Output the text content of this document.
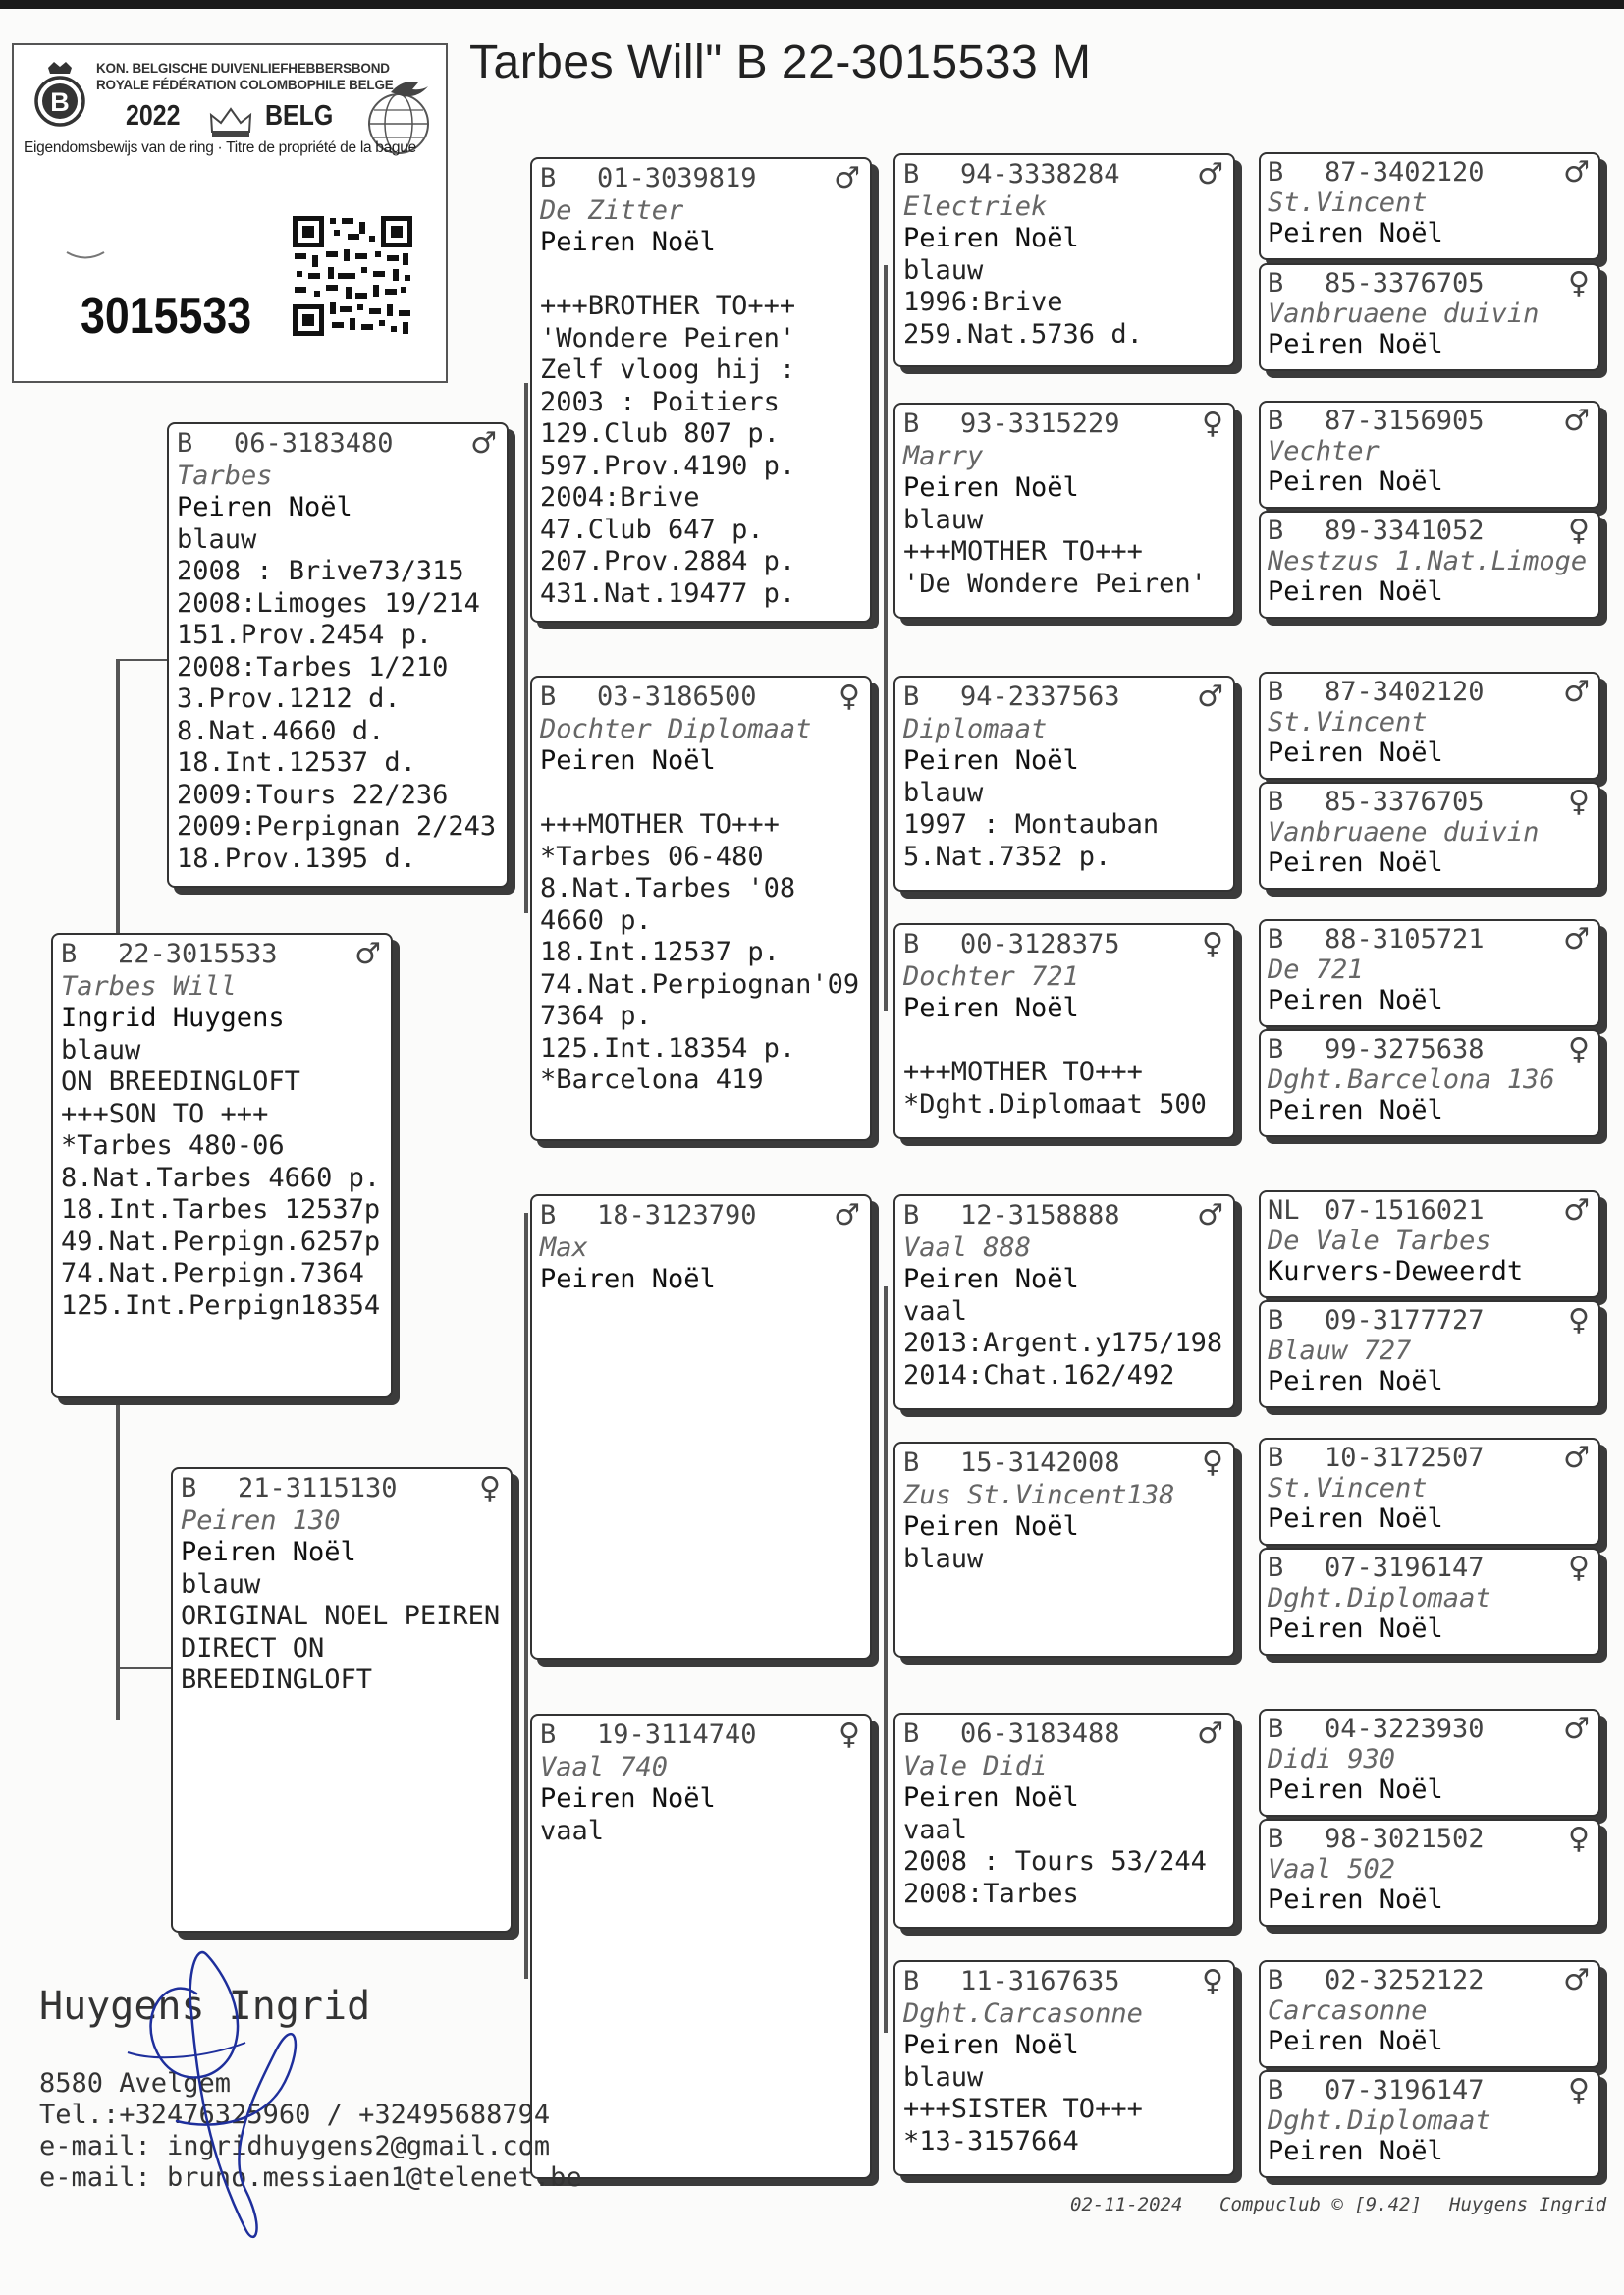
B
KON. BELGISCHE DUIVENLIEFHEBBERSBOND
ROYALE FÉDÉRATION COLOMBOPHILE BELGE
2022	BELG
Eigendomsbewijs van de ring · Titre de propriété de la bague
3015533
Tarbes Will" B 22-3015533 M
B 22-3015533	♂
Tarbes Will
Ingrid Huygens
blauw
ON BREEDINGLOFT
+++SON TO +++
*Tarbes 480-06
8.Nat.Tarbes 4660 p.
18.Int.Tarbes 12537p
49.Nat.Perpign.6257p
74.Nat.Perpign.7364
125.Int.Perpign18354
B 06-3183480	♂
Tarbes
Peiren Noël
blauw
2008 : Brive73/315
2008:Limoges 19/214
151.Prov.2454 p.
2008:Tarbes 1/210
3.Prov.1212 d.
8.Nat.4660 d.
18.Int.12537 d.
2009:Tours 22/236
2009:Perpignan 2/243
18.Prov.1395 d.
B 21-3115130	♀
Peiren 130
Peiren Noël
blauw
ORIGINAL NOEL PEIREN
DIRECT ON
BREEDINGLOFT
B 01-3039819	♂
De Zitter
Peiren Noël
+++BROTHER TO+++
'Wondere Peiren'
Zelf vloog hij :
2003 : Poitiers
129.Club 807 p.
597.Prov.4190 p.
2004:Brive
47.Club 647 p.
207.Prov.2884 p.
431.Nat.19477 p.
B 03-3186500	♀
Dochter Diplomaat
Peiren Noël
+++MOTHER TO+++
*Tarbes 06-480
8.Nat.Tarbes '08
4660 p.
18.Int.12537 p.
74.Nat.Perpiognan'09
7364 p.
125.Int.18354 p.
*Barcelona 419
B 18-3123790	♂
Max
Peiren Noël
B 19-3114740	♀
Vaal 740
Peiren Noël
vaal
B 94-3338284	♂
Electriek
Peiren Noël
blauw
1996:Brive
259.Nat.5736 d.
B 93-3315229	♀
Marry
Peiren Noël
blauw
+++MOTHER TO+++
'De Wondere Peiren'
B 94-2337563	♂
Diplomaat
Peiren Noël
blauw
1997 : Montauban
5.Nat.7352 p.
B 00-3128375	♀
Dochter 721
Peiren Noël
+++MOTHER TO+++
*Dght.Diplomaat 500
B 12-3158888	♂
Vaal 888
Peiren Noël
vaal
2013:Argent.y175/198
2014:Chat.162/492
B 15-3142008	♀
Zus St.Vincent138
Peiren Noël
blauw
B 06-3183488	♂
Vale Didi
Peiren Noël
vaal
2008 : Tours 53/244
2008:Tarbes
B 11-3167635	♀
Dght.Carcasonne
Peiren Noël
blauw
+++SISTER TO+++
*13-3157664
B 87-3402120	♂
St.Vincent
Peiren Noël
B 85-3376705	♀
Vanbruaene duivin
Peiren Noël
B 87-3156905	♂
Vechter
Peiren Noël
B 89-3341052	♀
Nestzus 1.Nat.Limoge
Peiren Noël
B 87-3402120	♂
St.Vincent
Peiren Noël
B 85-3376705	♀
Vanbruaene duivin
Peiren Noël
B 88-3105721	♂
De 721
Peiren Noël
B 99-3275638	♀
Dght.Barcelona 136
Peiren Noël
NL 07-1516021	♂
De Vale Tarbes
Kurvers-Deweerdt
B 09-3177727	♀
Blauw 727
Peiren Noël
B 10-3172507	♂
St.Vincent
Peiren Noël
B 07-3196147	♀
Dght.Diplomaat
Peiren Noël
B 04-3223930	♂
Didi 930
Peiren Noël
B 98-3021502	♀
Vaal 502
Peiren Noël
B 02-3252122	♂
Carcasonne
Peiren Noël
B 07-3196147	♀
Dght.Diplomaat
Peiren Noël
Huygens Ingrid
8580 Avelgem
Tel.:+32476325960 / +32495688794
e-mail: ingridhuygens2@gmail.com
e-mail: bruno.messiaen1@telenet.be
02-11-2024 Compuclub © [9.42] Huygens Ingrid
